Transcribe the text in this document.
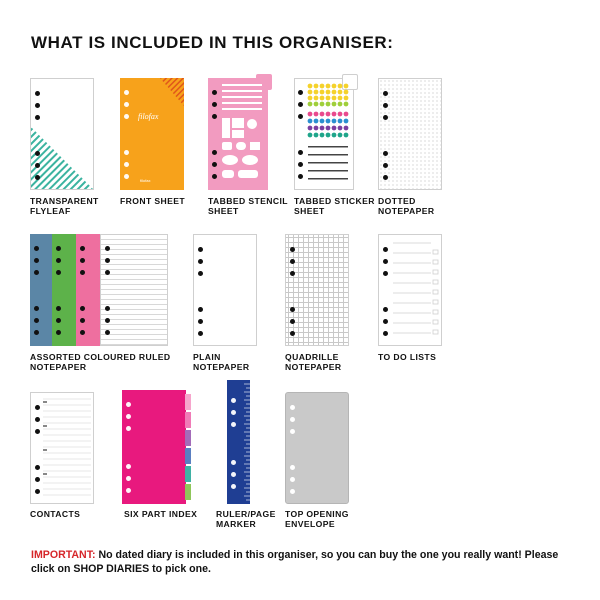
WHAT IS INCLUDED IN THIS ORGANISER:
TRANSPARENT
FLYLEAF
filofax
filofax
FRONT SHEET	TABBED STENCIL
SHEET
TABBED STICKER
SHEET
DOTTED
NOTEPAPER
ASSORTED COLOURED RULED
NOTEPAPER
PLAIN
NOTEPAPER
QUADRILLE
NOTEPAPER
TO DO LISTS
CONTACTS	SIX PART INDEX RULER/PAGE
MARKER
TOP OPENING
ENVELOPE
IMPORTANT: No dated diary is included in this organiser, so you can buy the one you really want! Please click on SHOP DIARIES to pick one.
